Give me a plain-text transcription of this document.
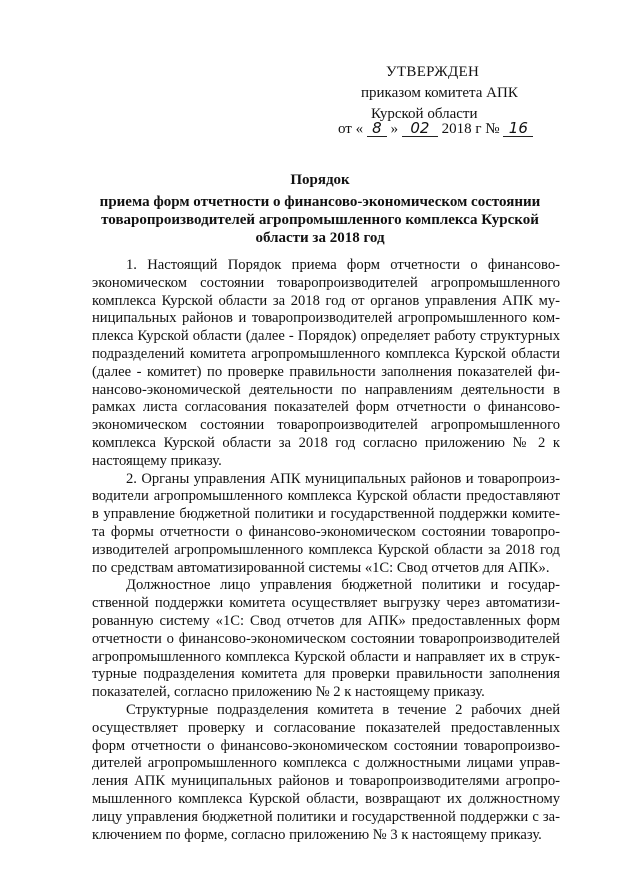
УТВЕРЖДЕН
приказом комитета АПК
Курской области
от « 8 » 02 2018 г № 16
Порядок
приема форм отчетности о финансово-экономическом состоянии
товаропроизводителей агропромышленного комплекса Курской
области за 2018 год
1. Настоящий Порядок приема форм отчетности о финансово-
экономическом состоянии товаропроизводителей агропромышленного
комплекса Курской области за 2018 год от органов управления АПК му-
ниципальных районов и товаропроизводителей агропромышленного ком-
плекса Курской области (далее - Порядок) определяет работу структурных
подразделений комитета агропромышленного комплекса Курской области
(далее - комитет) по проверке правильности заполнения показателей фи-
нансово-экономической деятельности по направлениям деятельности в
рамках листа согласования показателей форм отчетности о финансово-
экономическом состоянии товаропроизводителей агропромышленного
комплекса Курской области за 2018 год согласно приложению № 2 к
настоящему приказу.
2. Органы управления АПК муниципальных районов и товаропроиз-
водители агропромышленного комплекса Курской области предоставляют
в управление бюджетной политики и государственной поддержки комите-
та формы отчетности о финансово-экономическом состоянии товаропро-
изводителей агропромышленного комплекса Курской области за 2018 год
по средствам автоматизированной системы «1С: Свод отчетов для АПК».
Должностное лицо управления бюджетной политики и государ-
ственной поддержки комитета осуществляет выгрузку через автоматизи-
рованную систему «1С: Свод отчетов для АПК» предоставленных форм
отчетности о финансово-экономическом состоянии товаропроизводителей
агропромышленного комплекса Курской области и направляет их в струк-
турные подразделения комитета для проверки правильности заполнения
показателей, согласно приложению № 2 к настоящему приказу.
Структурные подразделения комитета в течение 2 рабочих дней
осуществляет проверку и согласование показателей предоставленных
форм отчетности о финансово-экономическом состоянии товаропроизво-
дителей агропромышленного комплекса с должностными лицами управ-
ления АПК муниципальных районов и товаропроизводителями агропро-
мышленного комплекса Курской области, возвращают их должностному
лицу управления бюджетной политики и государственной поддержки с за-
ключением по форме, согласно приложению № 3 к настоящему приказу.
